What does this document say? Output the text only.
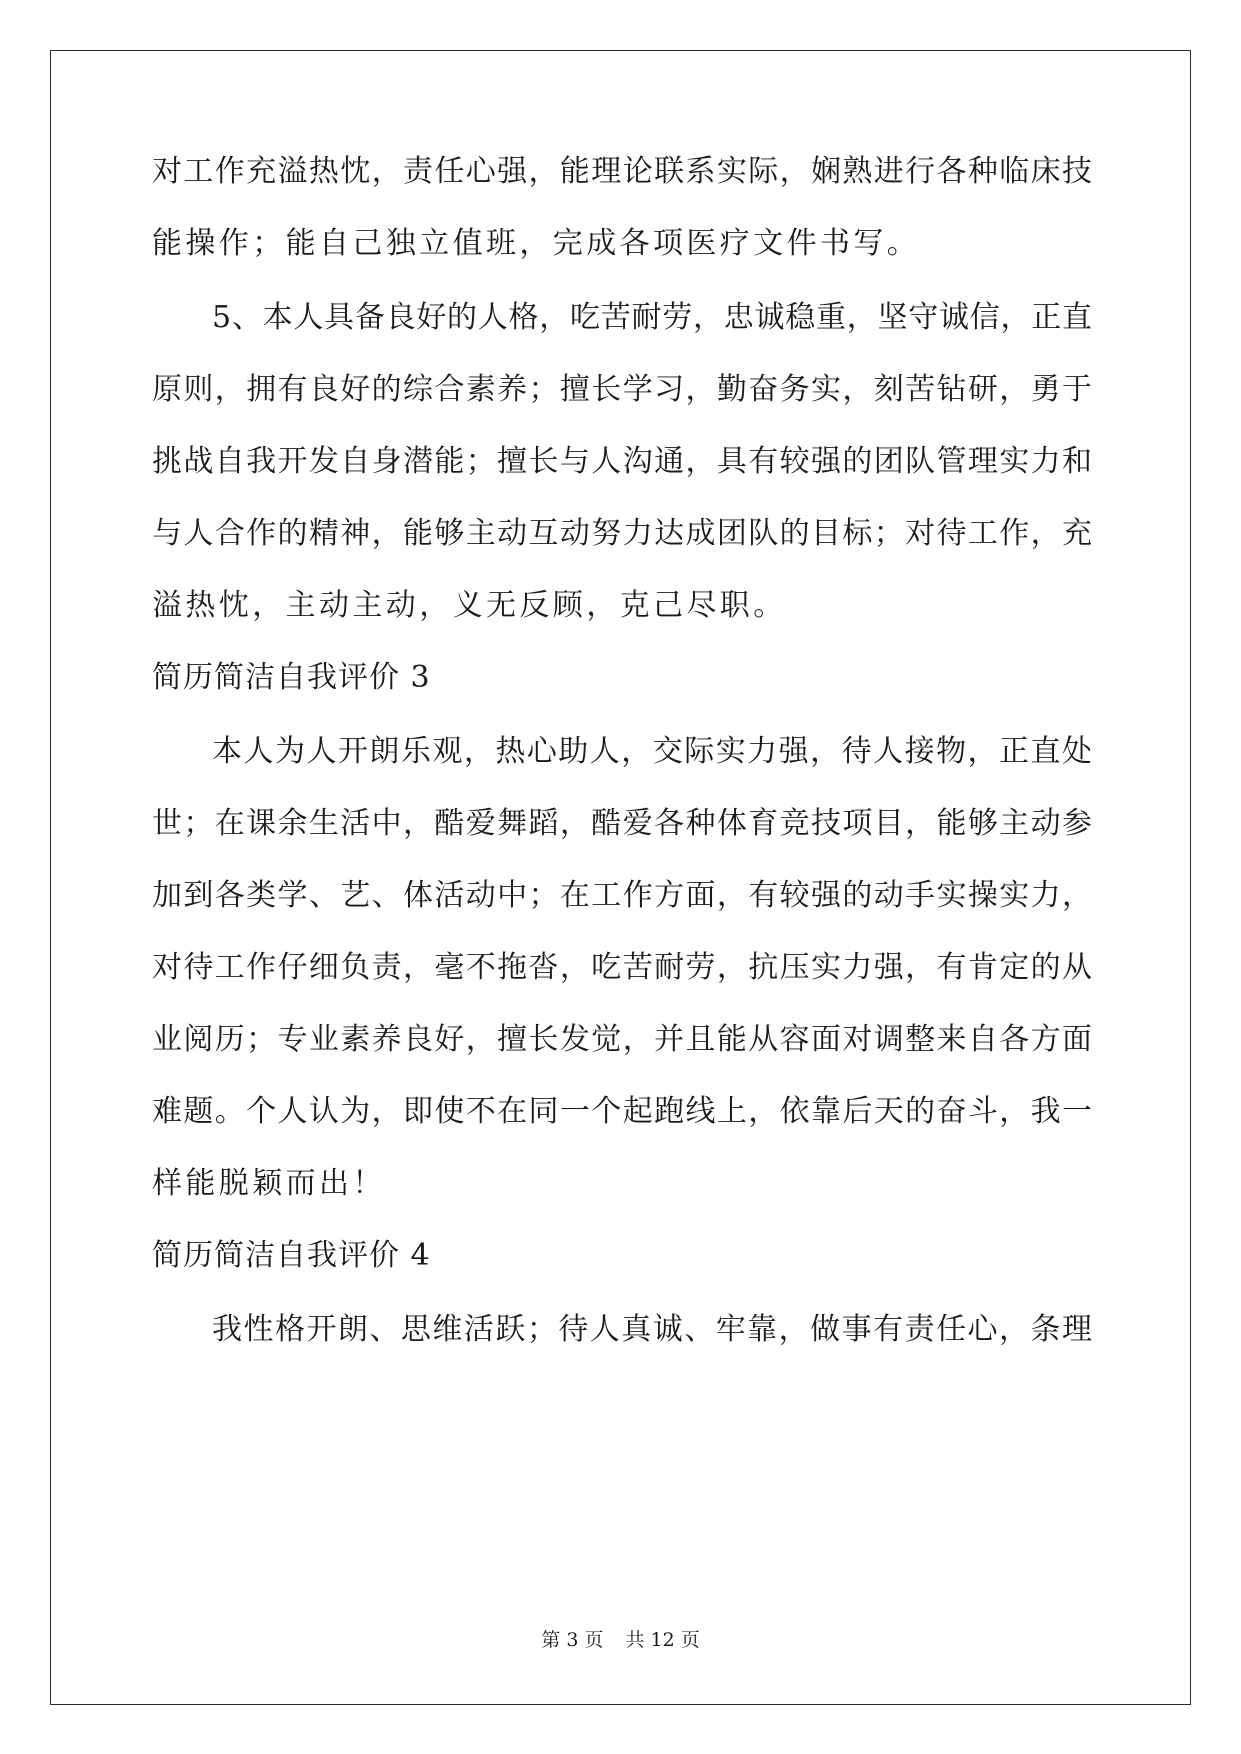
对工作充溢热忱，责任心强，能理论联系实际，娴熟进行各种临床技
能操作；能自己独立值班，完成各项医疗文件书写。
5、本人具备良好的人格，吃苦耐劳，忠诚稳重，坚守诚信，正直
原则，拥有良好的综合素养；擅长学习，勤奋务实，刻苦钻研，勇于
挑战自我开发自身潜能；擅长与人沟通，具有较强的团队管理实力和
与人合作的精神，能够主动互动努力达成团队的目标；对待工作，充
溢热忱，主动主动，义无反顾，克己尽职。
简历简洁自我评价 3
本人为人开朗乐观，热心助人，交际实力强，待人接物，正直处
世；在课余生活中，酷爱舞蹈，酷爱各种体育竞技项目，能够主动参
加到各类学、艺、体活动中；在工作方面，有较强的动手实操实力，
对待工作仔细负责，毫不拖沓，吃苦耐劳，抗压实力强，有肯定的从
业阅历；专业素养良好，擅长发觉，并且能从容面对调整来自各方面
难题。个人认为，即使不在同一个起跑线上，依靠后天的奋斗，我一
样能脱颖而出！
简历简洁自我评价 4
我性格开朗、思维活跃；待人真诚、牢靠，做事有责任心，条理
第 3 页 共 12 页
